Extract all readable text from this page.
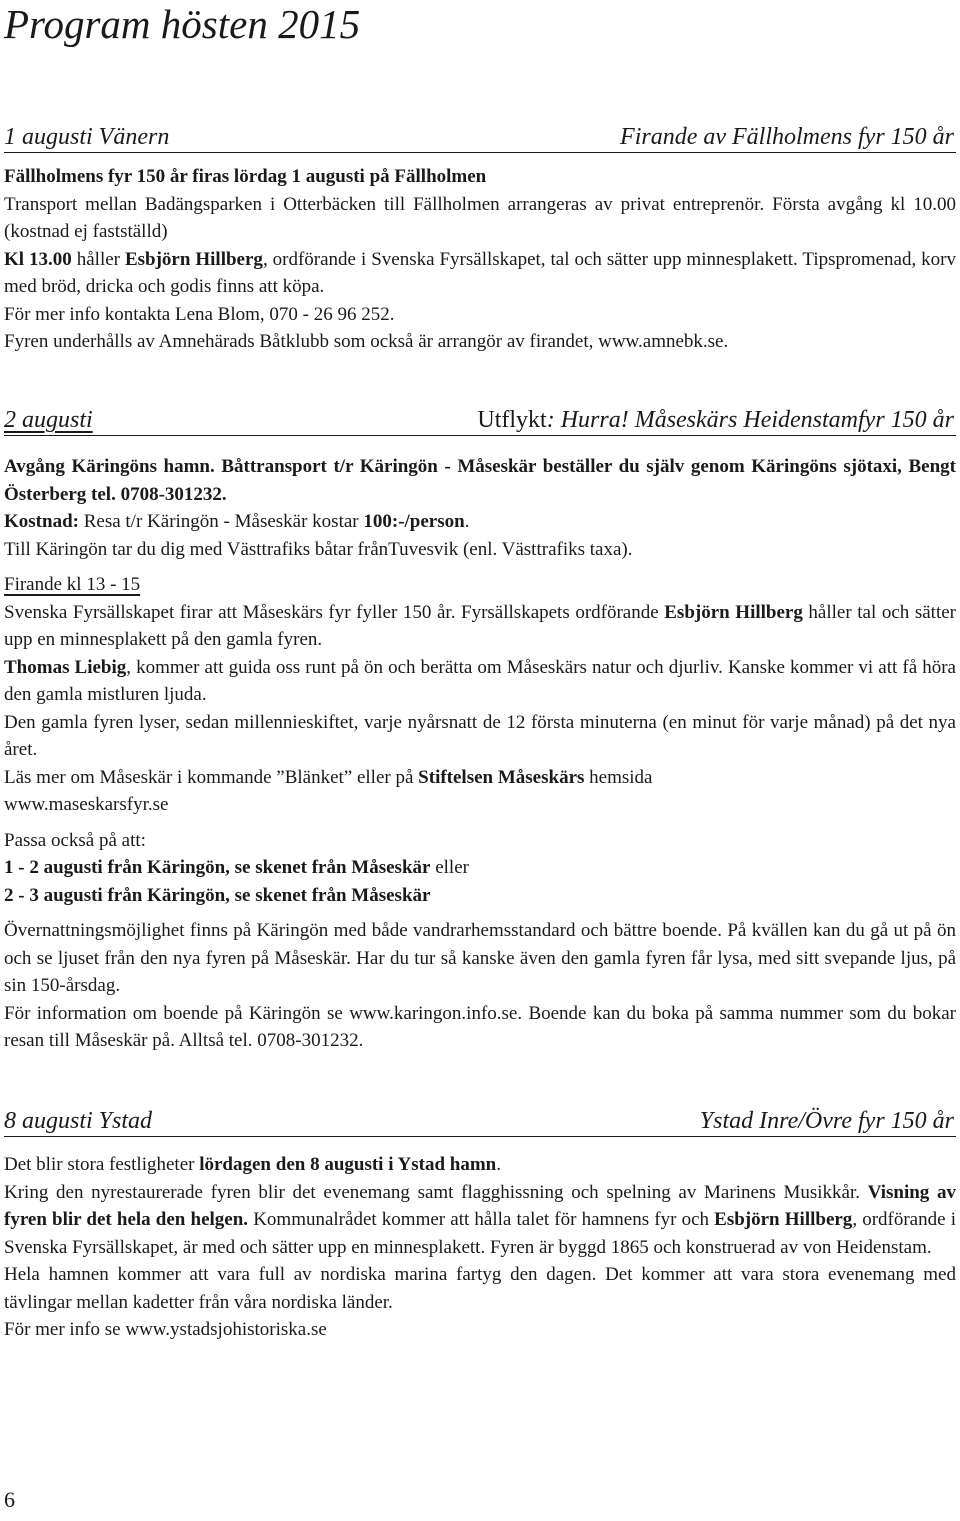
Program hösten 2015
1 augusti Vänern	Firande av Fällholmens fyr 150 år

Fällholmens fyr 150 år firas lördag 1 augusti på Fällholmen

Transport mellan Badängsparken i Otterbäcken till Fällholmen arrangeras av privat entreprenör. Första avgång kl 10.00 (kostnad ej fastställd)

Kl 13.00 håller Esbjörn Hillberg, ordförande i Svenska Fyrsällskapet, tal och sätter upp minnesplakett. Tipspromenad, korv med bröd, dricka och godis finns att köpa.

För mer info kontakta Lena Blom, 070 - 26 96 252.

Fyren underhålls av Amnehärads Båtklubb som också är arrangör av firandet, www.amnebk.se.

2 augusti	Utflykt: Hurra! Måseskärs Heidenstamfyr 150 år

Avgång Käringöns hamn. Båttransport t/r Käringön - Måseskär beställer du själv genom Käringöns sjötaxi, Bengt Österberg tel. 0708-301232.

Kostnad: Resa t/r Käringön - Måseskär kostar 100:-/person.

Till Käringön tar du dig med Västtrafiks båtar frånTuvesvik (enl. Västtrafiks taxa).

Firande kl 13 - 15

Svenska Fyrsällskapet firar att Måseskärs fyr fyller 150 år. Fyrsällskapets ordförande Esbjörn Hillberg håller tal och sätter upp en minnesplakett på den gamla fyren.

Thomas Liebig, kommer att guida oss runt på ön och berätta om Måseskärs natur och djurliv. Kanske kommer vi att få höra den gamla mistluren ljuda.

Den gamla fyren lyser, sedan millennieskiftet, varje nyårsnatt de 12 första minuterna (en minut för varje månad) på det nya året.

Läs mer om Måseskär i kommande ”Blänket” eller på Stiftelsen Måseskärs hemsida

www.maseskarsfyr.se

Passa också på att:

1 - 2 augusti från Käringön, se skenet från Måseskär eller

2 - 3 augusti från Käringön, se skenet från Måseskär

Övernattningsmöjlighet finns på Käringön med både vandrarhemsstandard och bättre boende. På kvällen kan du gå ut på ön och se ljuset från den nya fyren på Måseskär. Har du tur så kanske även den gamla fyren får lysa, med sitt svepande ljus, på sin 150-årsdag.

För information om boende på Käringön se www.karingon.info.se. Boende kan du boka på samma nummer som du bokar resan till Måseskär på. Alltså tel. 0708-301232.

8 augusti Ystad	Ystad Inre/Övre fyr 150 år

Det blir stora festligheter lördagen den 8 augusti i Ystad hamn.

Kring den nyrestaurerade fyren blir det evenemang samt flagghissning och spelning av Marinens Musikkår. Visning av fyren blir det hela den helgen. Kommunalrådet kommer att hålla talet för hamnens fyr och Esbjörn Hillberg, ordförande i Svenska Fyrsällskapet, är med och sätter upp en minnesplakett. Fyren är byggd 1865 och konstruerad av von Heidenstam.

Hela hamnen kommer att vara full av nordiska marina fartyg den dagen. Det kommer att vara stora evenemang med tävlingar mellan kadetter från våra nordiska länder.

För mer info se www.ystadsjohistoriska.se

6
